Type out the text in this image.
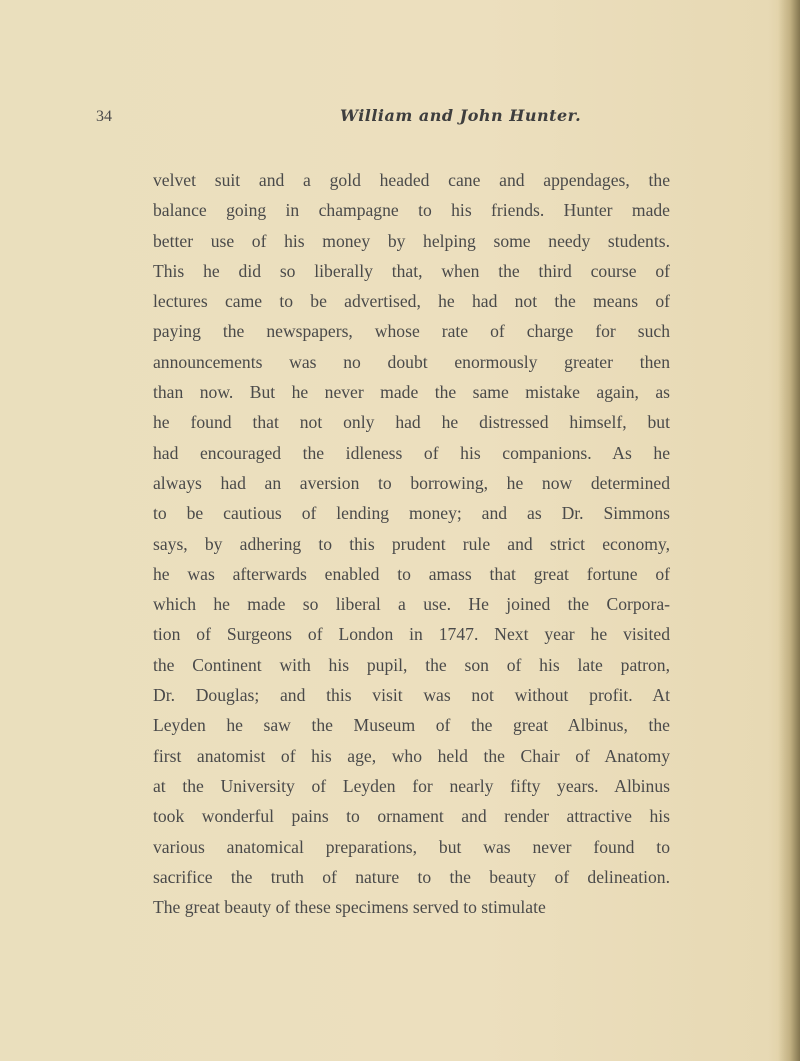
34	William and John Hunter.
velvet suit and a gold headed cane and appendages, the
balance going in champagne to his friends. Hunter made
better use of his money by helping some needy students.
This he did so liberally that, when the third course of
lectures came to be advertised, he had not the means of
paying the newspapers, whose rate of charge for such
announcements was no doubt enormously greater then
than now. But he never made the same mistake again, as
he found that not only had he distressed himself, but
had encouraged the idleness of his companions. As he
always had an aversion to borrowing, he now determined
to be cautious of lending money; and as Dr. Simmons
says, by adhering to this prudent rule and strict economy,
he was afterwards enabled to amass that great fortune of
which he made so liberal a use. He joined the Corpora-
tion of Surgeons of London in 1747. Next year he visited
the Continent with his pupil, the son of his late patron,
Dr. Douglas; and this visit was not without profit. At
Leyden he saw the Museum of the great Albinus, the
first anatomist of his age, who held the Chair of Anatomy
at the University of Leyden for nearly fifty years. Albinus
took wonderful pains to ornament and render attractive his
various anatomical preparations, but was never found to
sacrifice the truth of nature to the beauty of delineation.
The great beauty of these specimens served to stimulate
